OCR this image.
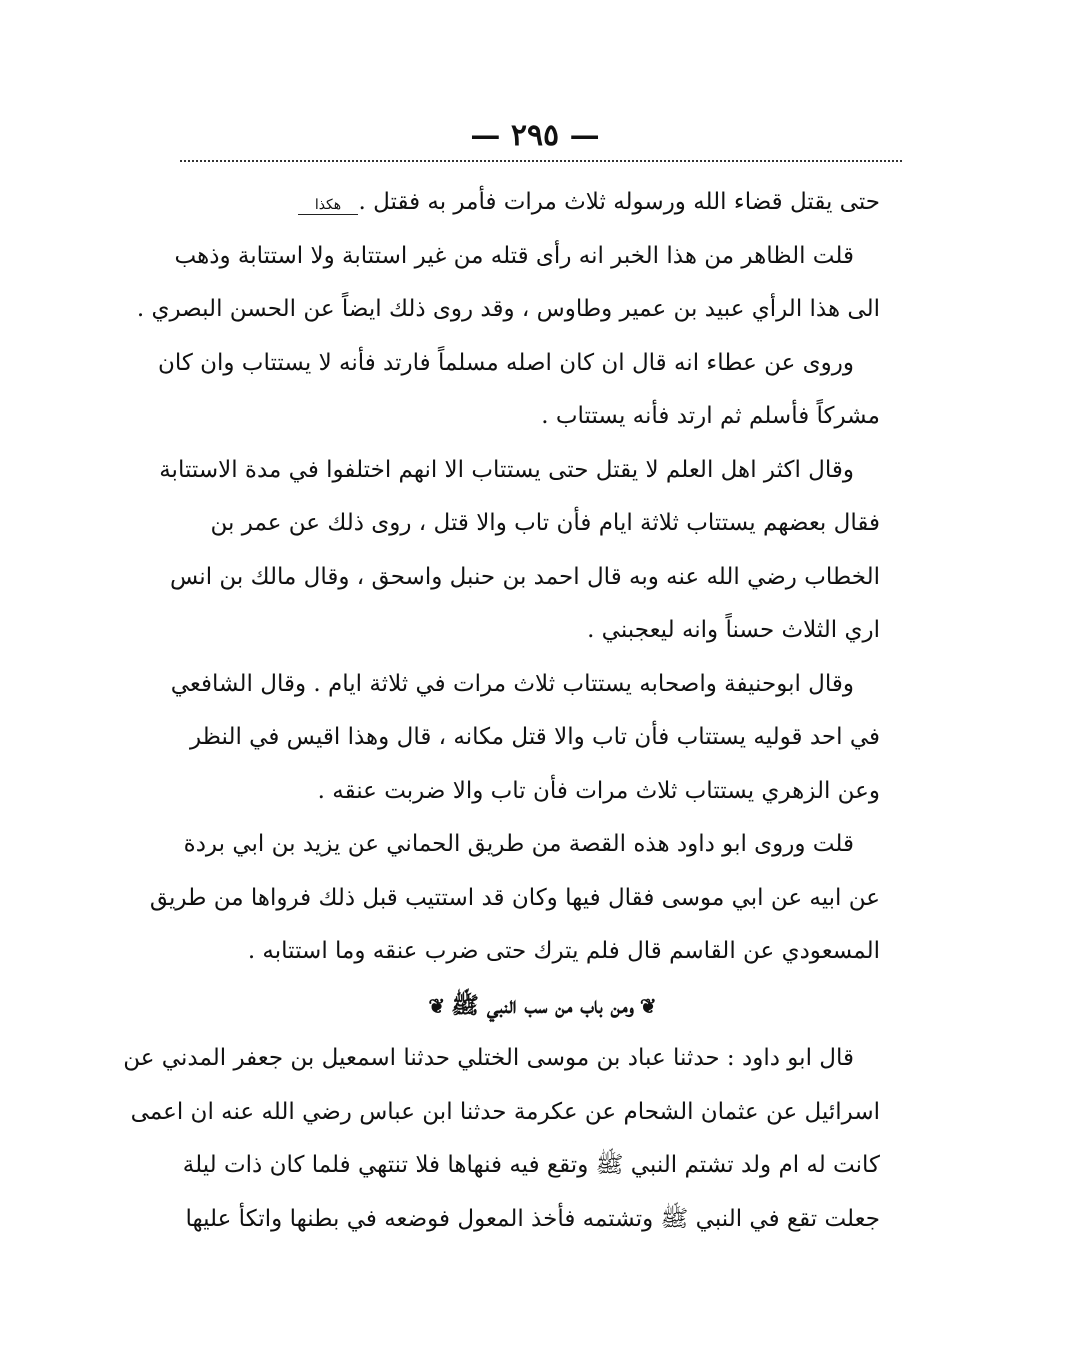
— ٢٩٥ —
هكذا حتى يقتل قضاء الله ورسوله ثلاث مرات فأمر به فقتل .
قلت الظاهر من هذا الخبر انه رأى قتله من غير استتابة ولا استتابة وذهب
الى هذا الرأي عبيد بن عمير وطاوس ، وقد روى ذلك ايضاً عن الحسن البصري .
وروى عن عطاء انه قال ان كان اصله مسلماً فارتد فأنه لا يستتاب وان كان
مشركاً فأسلم ثم ارتد فأنه يستتاب .
وقال اكثر اهل العلم لا يقتل حتى يستتاب الا انهم اختلفوا في مدة الاستتابة
فقال بعضهم يستتاب ثلاثة ايام فأن تاب والا قتل ، روى ذلك عن عمر بن
الخطاب رضي الله عنه وبه قال احمد بن حنبل واسحق ، وقال مالك بن انس
اري الثلاث حسناً وانه ليعجبني .
وقال ابوحنيفة واصحابه يستتاب ثلاث مرات في ثلاثة ايام . وقال الشافعي
في احد قوليه يستتاب فأن تاب والا قتل مكانه ، قال وهذا اقيس في النظر
وعن الزهري يستتاب ثلاث مرات فأن تاب والا ضربت عنقه .
قلت وروى ابو داود هذه القصة من طريق الحماني عن يزيد بن ابي بردة
عن ابيه عن ابي موسى فقال فيها وكان قد استتيب قبل ذلك فرواها من طريق
المسعودي عن القاسم قال فلم يترك حتى ضرب عنقه وما استتابه .
❦ومن باب من سب النبي ﷺ❦
قال ابو داود : حدثنا عباد بن موسى الختلي حدثنا اسمعيل بن جعفر المدني عن
اسرائيل عن عثمان الشحام عن عكرمة حدثنا ابن عباس رضي الله عنه ان اعمى
كانت له ام ولد تشتم النبي ﷺ وتقع فيه فنهاها فلا تنتهي فلما كان ذات ليلة
جعلت تقع في النبي ﷺ وتشتمه فأخذ المعول فوضعه في بطنها واتكأ عليها
